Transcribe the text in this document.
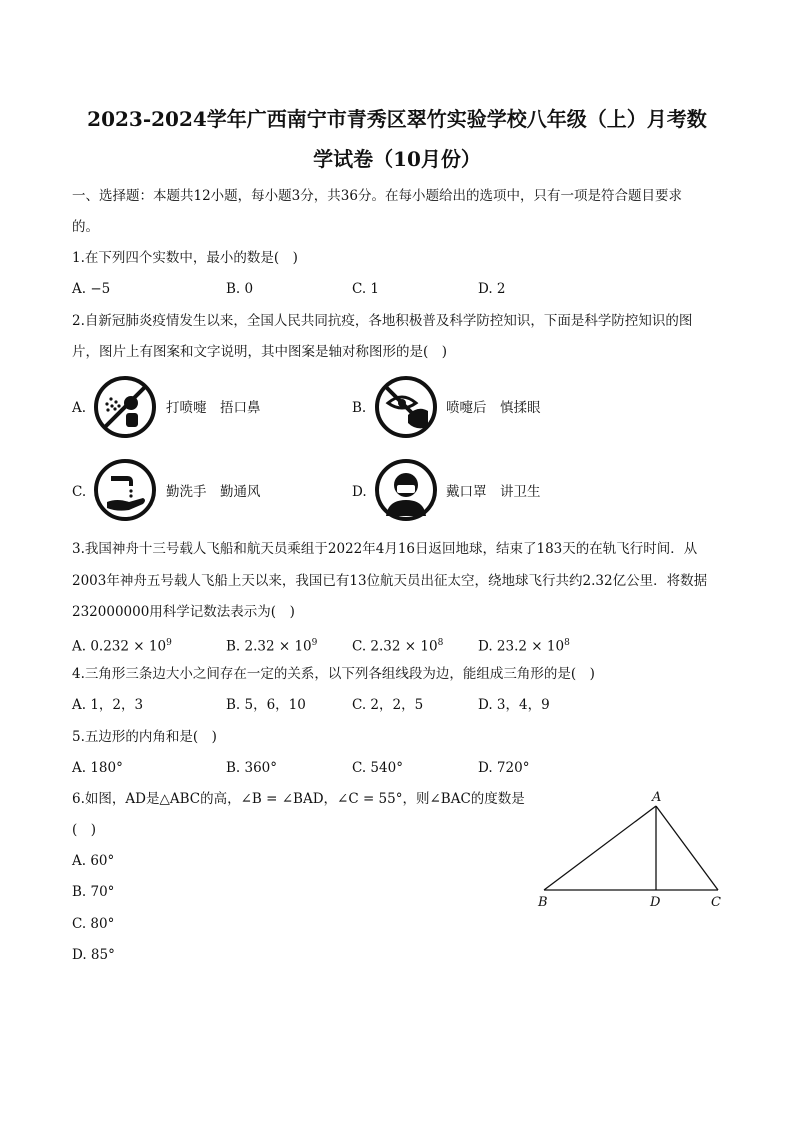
2023-2024学年广西南宁市青秀区翠竹实验学校八年级（上）月考数
学试卷（10月份）
一、选择题：本题共12小题，每小题3分，共36分。在每小题给出的选项中，只有一项是符合题目要求
的。
1.在下列四个实数中，最小的数是(　)
A. −5	B. 0	C. 1	D. 2
2.自新冠肺炎疫情发生以来，全国人民共同抗疫，各地积极普及科学防控知识，下面是科学防控知识的图
片，图片上有图案和文字说明，其中图案是轴对称图形的是(　)
A.	打喷嚏　捂口鼻	B.	喷嚏后　慎揉眼
C.	勤洗手　勤通风	D.	戴口罩　讲卫生
3.我国神舟十三号载人飞船和航天员乘组于2022年4月16日返回地球，结束了183天的在轨飞行时间．从
2003年神舟五号载人飞船上天以来，我国已有13位航天员出征太空，绕地球飞行共约2.32亿公里．将数据
232000000用科学记数法表示为(　)
A. $0.232 \times 10^9$	B. $2.32 \times 10^9$	C. $2.32 \times 10^8$	D. $23.2 \times 10^8$
4.三角形三条边大小之间存在一定的关系，以下列各组线段为边，能组成三角形的是(　)
A. 1，2，3	B. 5，6，10	C. 2，2，5	D. 3，4，9
5.五边形的内角和是(　)
A. 180°	B. 360°	C. 540°	D. 720°
6.如图，AD是△ABC的高，∠B = ∠BAD，∠C = 55°，则∠BAC的度数是
(　)
A. 60°
B. 70°
C. 80°
D. 85°
A
B	D	C
